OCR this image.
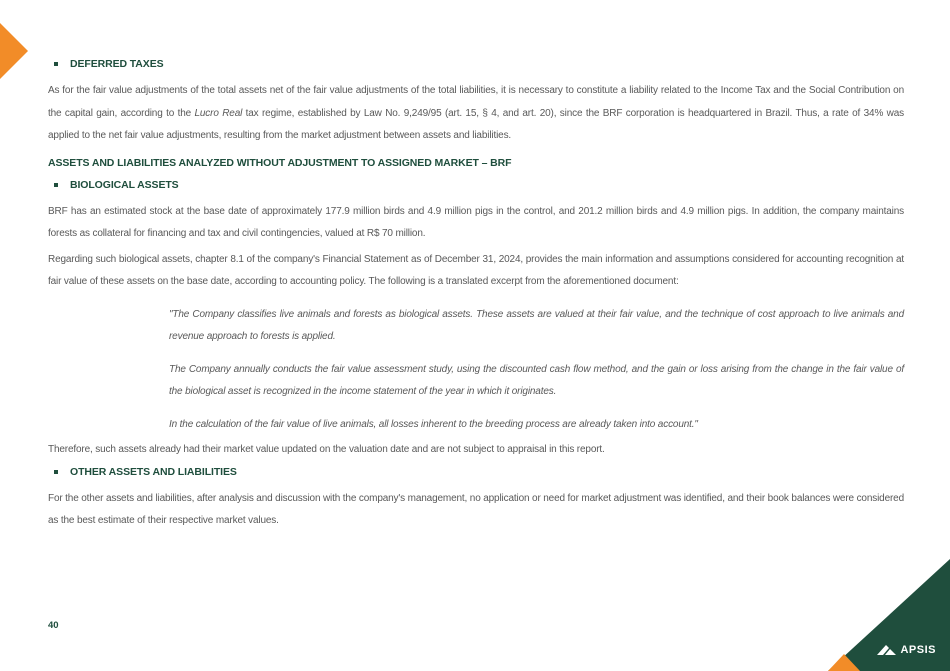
DEFERRED TAXES

As for the fair value adjustments of the total assets net of the fair value adjustments of the total liabilities, it is necessary to constitute a liability related to the Income Tax and the Social Contribution on the capital gain, according to the Lucro Real tax regime, established by Law No. 9,249/95 (art. 15, § 4, and art. 20), since the BRF corporation is headquartered in Brazil. Thus, a rate of 34% was applied to the net fair value adjustments, resulting from the market adjustment between assets and liabilities.

ASSETS AND LIABILITIES ANALYZED WITHOUT ADJUSTMENT TO ASSIGNED MARKET – BRF
BIOLOGICAL ASSETS

BRF has an estimated stock at the base date of approximately 177.9 million birds and 4.9 million pigs in the control, and 201.2 million birds and 4.9 million pigs. In addition, the company maintains forests as collateral for financing and tax and civil contingencies, valued at R$ 70 million.

Regarding such biological assets, chapter 8.1 of the company's Financial Statement as of December 31, 2024, provides the main information and assumptions considered for accounting recognition at fair value of these assets on the base date, according to accounting policy. The following is a translated excerpt from the aforementioned document:

"The Company classifies live animals and forests as biological assets. These assets are valued at their fair value, and the technique of cost approach to live animals and revenue approach to forests is applied.

The Company annually conducts the fair value assessment study, using the discounted cash flow method, and the gain or loss arising from the change in the fair value of the biological asset is recognized in the income statement of the year in which it originates.

In the calculation of the fair value of live animals, all losses inherent to the breeding process are already taken into account."

Therefore, such assets already had their market value updated on the valuation date and are not subject to appraisal in this report.

OTHER ASSETS AND LIABILITIES

For the other assets and liabilities, after analysis and discussion with the company's management, no application or need for market adjustment was identified, and their book balances were considered as the best estimate of their respective market values.

40
APSIS
